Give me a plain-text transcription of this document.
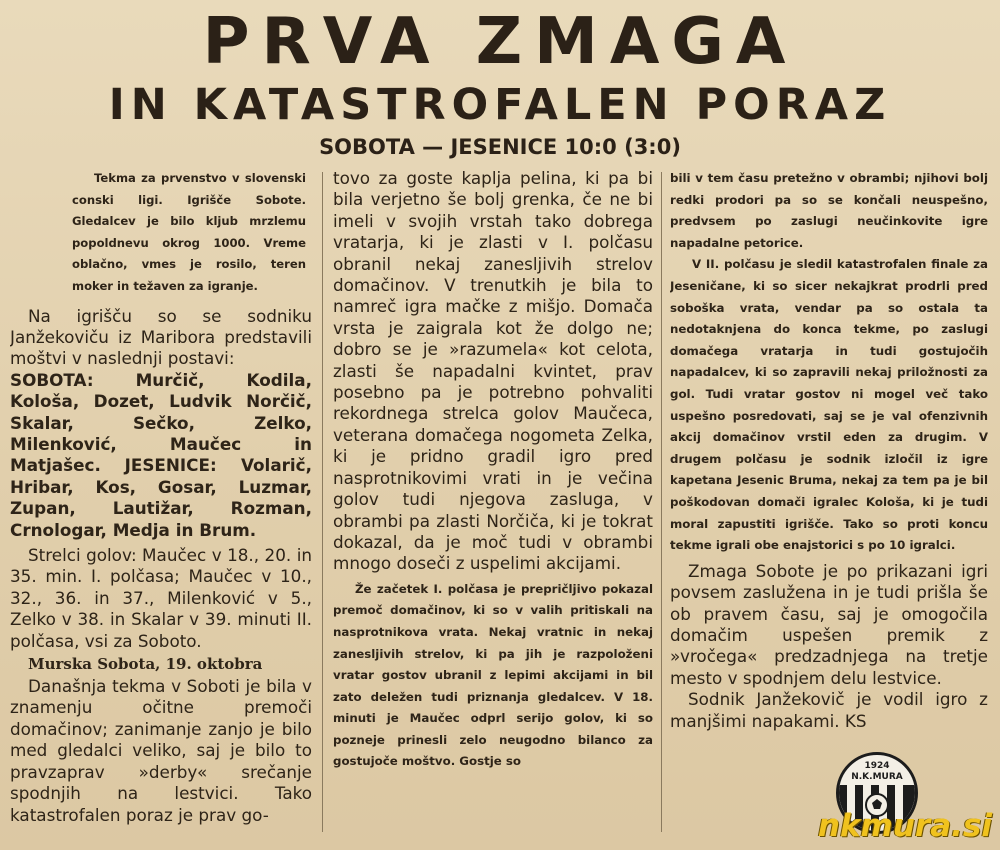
PRVA ZMAGA
IN KATASTROFALEN PORAZ
SOBOTA — JESENICE 10:0 (3:0)

Tekma za prvenstvo v slovenski conski ligi. Igrišče Sobote. Gledalcev je bilo kljub mrzlemu popoldnevu okrog 1000. Vreme oblačno, vmes je rosilo, teren moker in težaven za igranje.

Na igrišču so se sodniku Janžekoviču iz Maribora predstavili moštvi v naslednji postavi:

SOBOTA: Murčič, Kodila, Kološa, Dozet, Ludvik Norčič, Skalar, Sečko, Zelko, Milenković, Maučec in Matjašec. JESENICE: Volarič, Hribar, Kos, Gosar, Luzmar, Zupan, Lautižar, Rozman, Crnologar, Medja in Brum.

Strelci golov: Maučec v 18., 20. in 35. min. I. polčasa; Maučec v 10., 32., 36. in 37., Milenković v 5., Zelko v 38. in Skalar v 39. minuti II. polčasa, vsi za Soboto.

Murska Sobota, 19. oktobra

Današnja tekma v Soboti je bila v znamenju očitne premoči domačinov; zanimanje zanjo je bilo med gledalci veliko, saj je bilo to pravzaprav »derby« srečanje spodnjih na lestvici. Tako katastrofalen poraz je prav go-

tovo za goste kaplja pelina, ki pa bi bila verjetno še bolj grenka, če ne bi imeli v svojih vrstah tako dobrega vratarja, ki je zlasti v I. polčasu obranil nekaj zanesljivih strelov domačinov. V trenutkih je bila to namreč igra mačke z mišjo. Domača vrsta je zaigrala kot že dolgo ne; dobro se je »razumela« kot celota, zlasti še napadalni kvintet, prav posebno pa je potrebno pohvaliti rekordnega strelca golov Maučeca, veterana domačega nogometa Zelka, ki je pridno gradil igro pred nasprotnikovimi vrati in je večina golov tudi njegova zasluga, v obrambi pa zlasti Norčiča, ki je tokrat dokazal, da je moč tudi v obrambi mnogo doseči z uspelimi akcijami.

Že začetek I. polčasa je prepričljivo pokazal premoč domačinov, ki so v valih pritiskali na nasprotnikova vrata. Nekaj vratnic in nekaj zanesljivih strelov, ki pa jih je razpoloženi vratar gostov ubranil z lepimi akcijami in bil zato deležen tudi priznanja gledalcev. V 18. minuti je Maučec odprl serijo golov, ki so pozneje prinesli zelo neugodno bilanco za gostujoče moštvo. Gostje so

bili v tem času pretežno v obrambi; njihovi bolj redki prodori pa so se končali neuspešno, predvsem po zaslugi neučinkovite igre napadalne petorice.

V II. polčasu je sledil katastrofalen finale za Jeseničane, ki so sicer nekajkrat prodrli pred soboška vrata, vendar pa so ostala ta nedotaknjena do konca tekme, po zaslugi domačega vratarja in tudi gostujočih napadalcev, ki so zapravili nekaj priložnosti za gol. Tudi vratar gostov ni mogel več tako uspešno posredovati, saj se je val ofenzivnih akcij domačinov vrstil eden za drugim. V drugem polčasu je sodnik izločil iz igre kapetana Jesenic Bruma, nekaj za tem pa je bil poškodovan domači igralec Kološa, ki je tudi moral zapustiti igrišče. Tako so proti koncu tekme igrali obe enajstorici s po 10 igralci.

Zmaga Sobote je po prikazani igri povsem zaslužena in je tudi prišla še ob pravem času, saj je omogočila domačim uspešen premik z »vročega« predzadnjega na tretje mesto v spodnjem delu lestvice.

Sodnik Janžekovič je vodil igro z manjšimi napakami. KS

1924
N.K.MURA
nkmura.si
